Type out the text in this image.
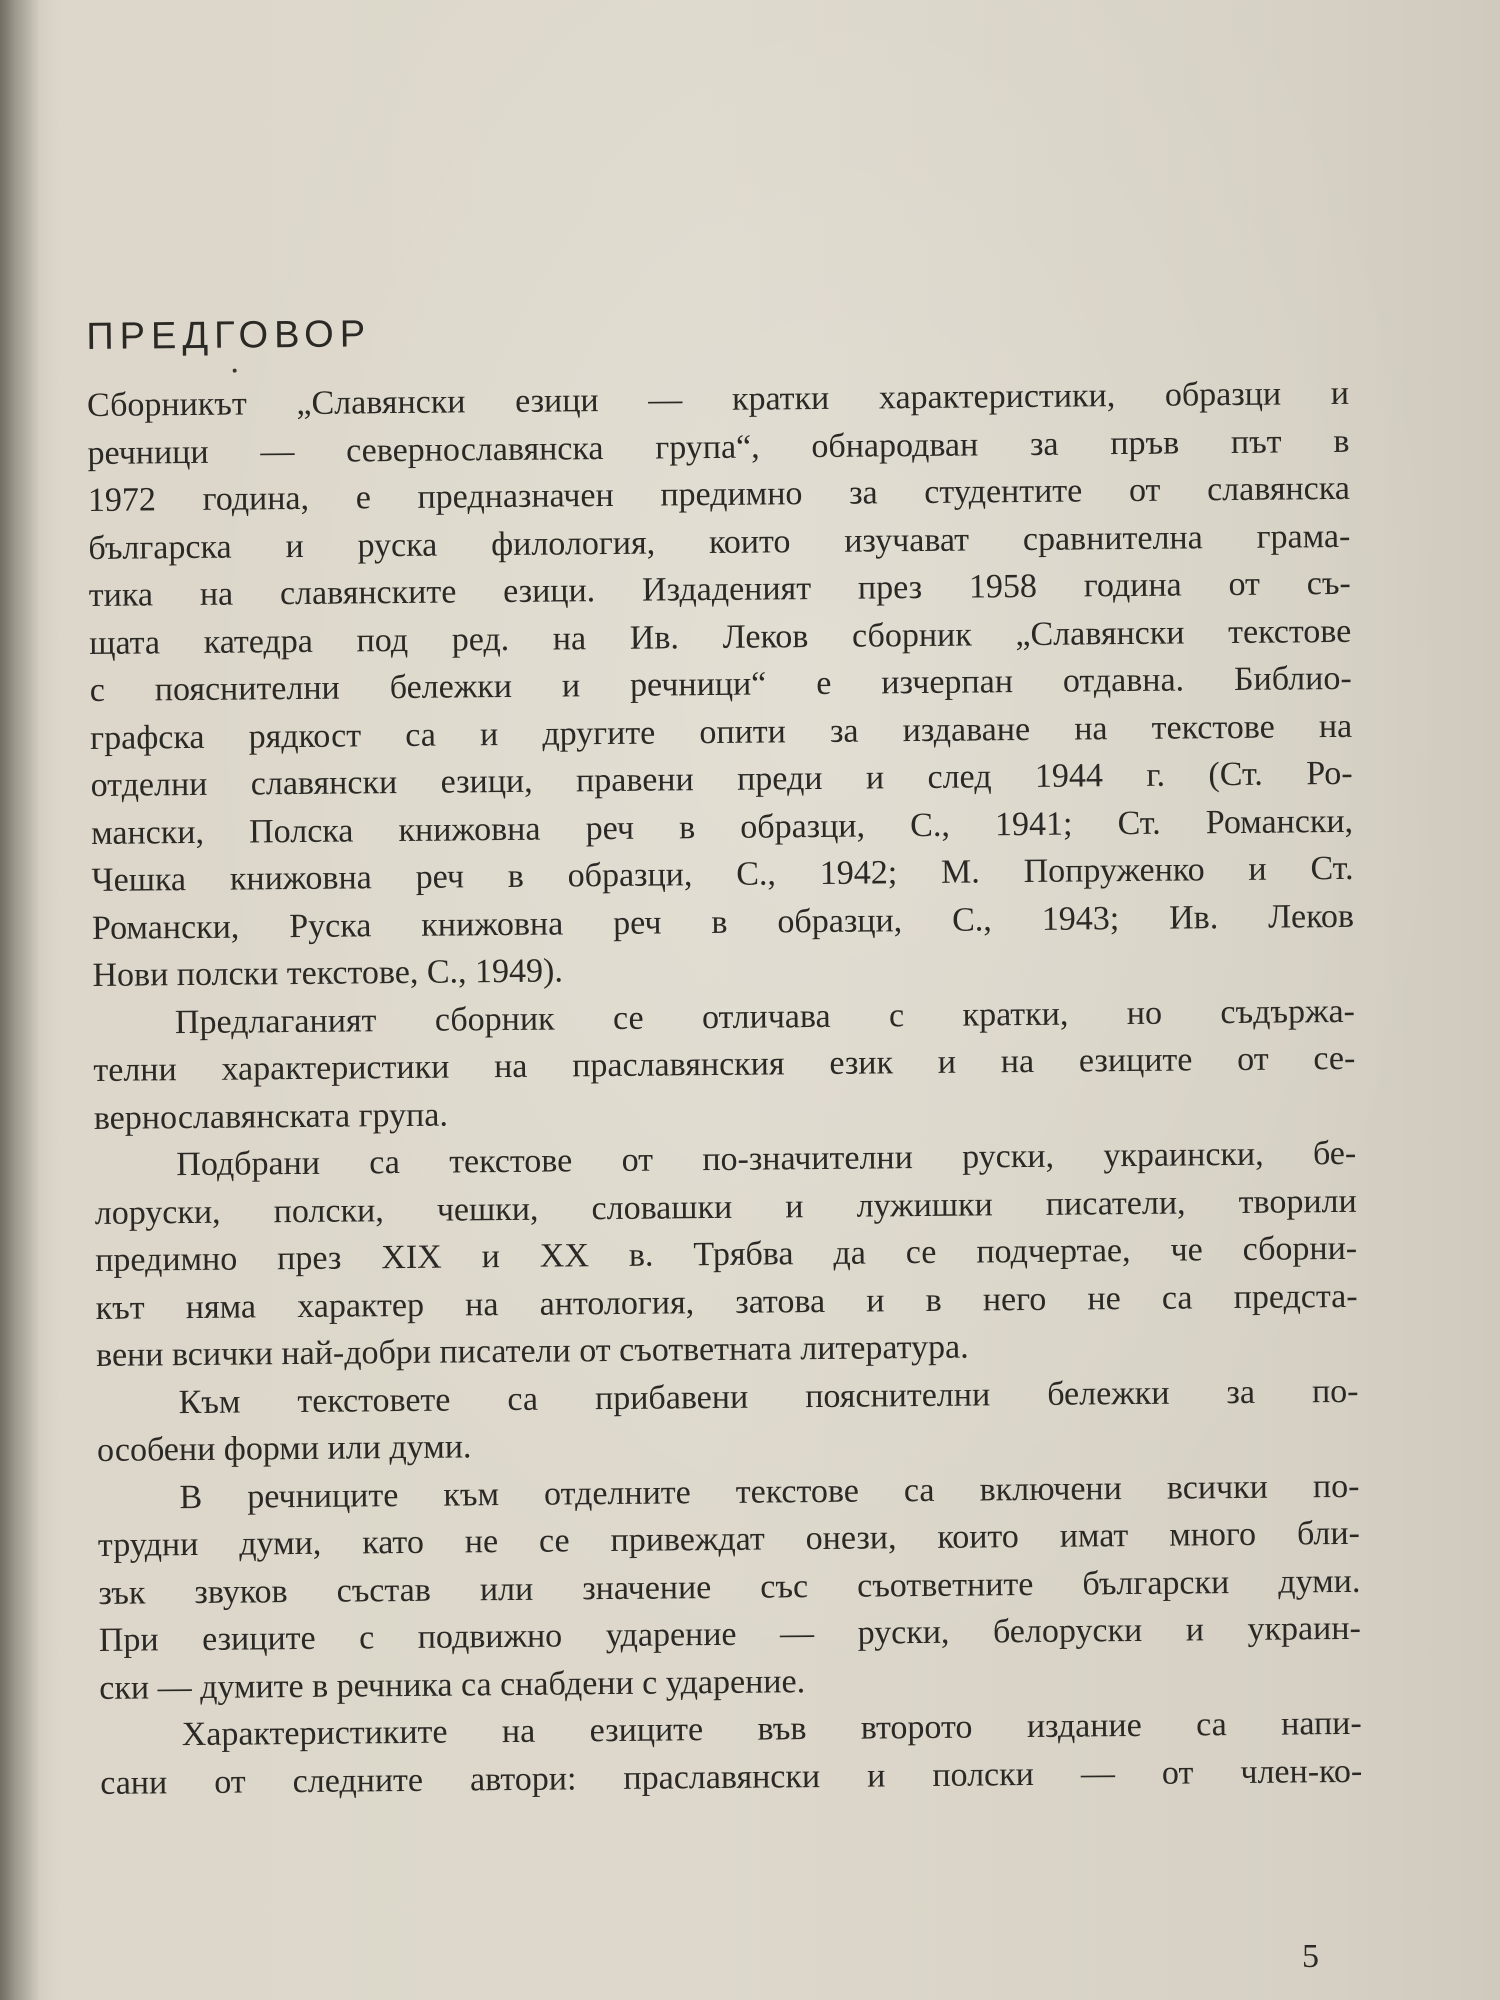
ПРЕДГОВОР
Сборникът „Славянски езици — кратки характеристики, образци и
речници — севернославянска група“, обнародван за пръв път в
1972 година, е предназначен предимно за студентите от славянска
българска и руска филология, които изучават сравнителна грама-
тика на славянските езици. Издаденият през 1958 година от съ-
щата катедра под ред. на Ив. Леков сборник „Славянски текстове
с пояснителни бележки и речници“ е изчерпан отдавна. Библио-
графска рядкост са и другите опити за издаване на текстове на
отделни славянски езици, правени преди и след 1944 г. (Ст. Ро-
мански, Полска книжовна реч в образци, С., 1941; Ст. Романски,
Чешка книжовна реч в образци, С., 1942; М. Попруженко и Ст.
Романски, Руска книжовна реч в образци, С., 1943; Ив. Леков
Нови полски текстове, С., 1949).
Предлаганият сборник се отличава с кратки, но съдържа-
телни характеристики на праславянския език и на езиците от се-
вернославянската група.
Подбрани са текстове от по-значителни руски, украински, бе-
лоруски, полски, чешки, словашки и лужишки писатели, творили
предимно през XIX и XX в. Трябва да се подчертае, че сборни-
кът няма характер на антология, затова и в него не са предста-
вени всички най-добри писатели от съответната литература.
Към текстовете са прибавени пояснителни бележки за по-
особени форми или думи.
В речниците към отделните текстове са включени всички по-
трудни думи, като не се привеждат онези, които имат много бли-
зък звуков състав или значение със съответните български думи.
При езиците с подвижно ударение — руски, белоруски и украин-
ски — думите в речника са снабдени с ударение.
Характеристиките на езиците във второто издание са напи-
сани от следните автори: праславянски и полски — от член-ко-
5
